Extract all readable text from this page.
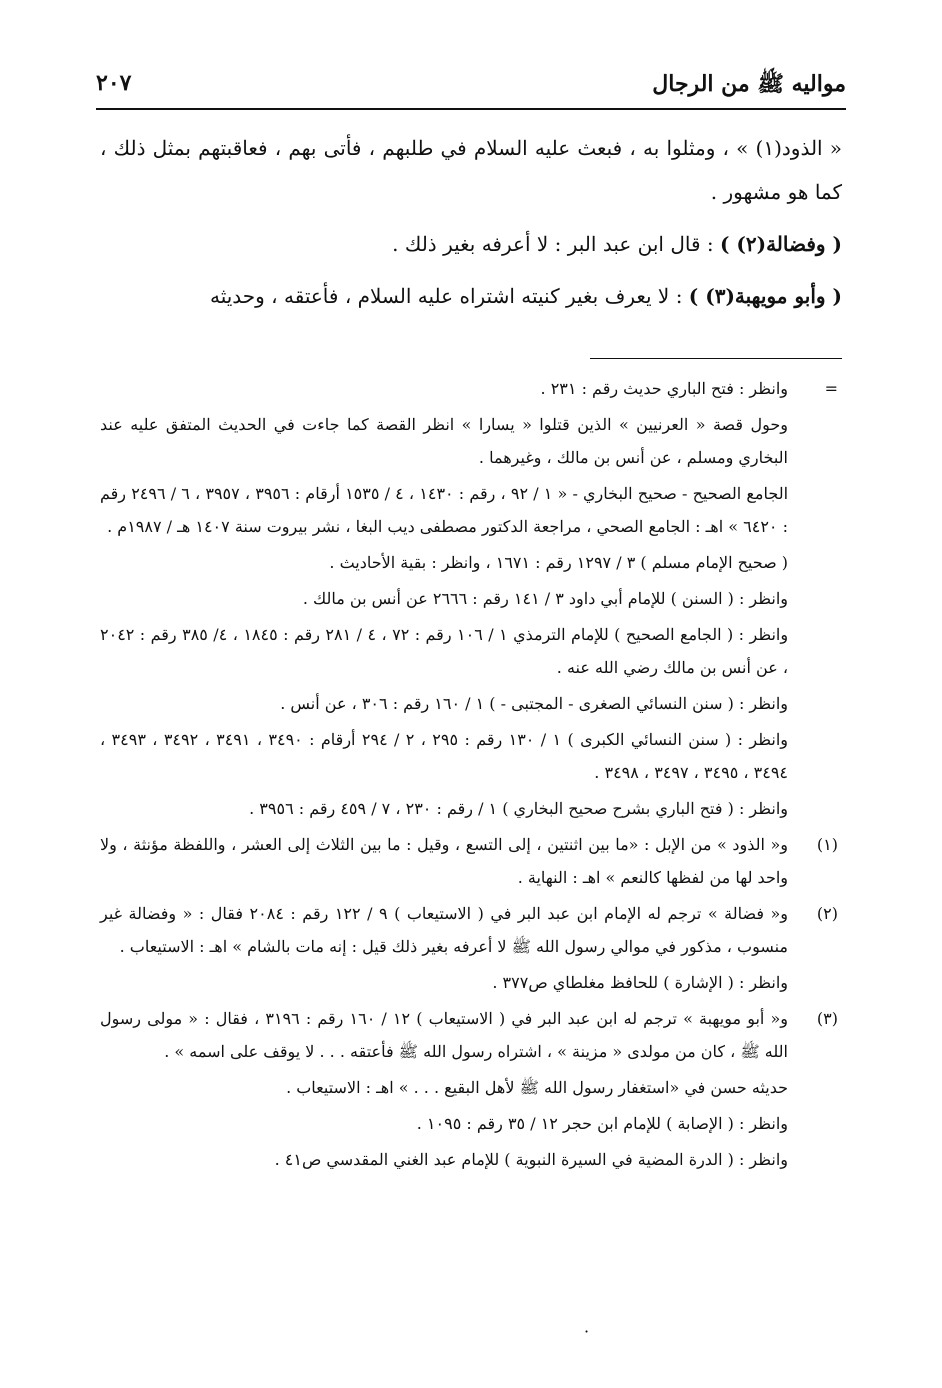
مواليه ﷺ من الرجال
٢٠٧

« الذود(١) » ، ومثلوا به ، فبعث عليه السلام في طلبهم ، فأتى بهم ، فعاقبتهم بمثل ذلك ، كما هو مشهور .

( وفضالة(٢) ) : قال ابن عبد البر : لا أعرفه بغير ذلك .

( وأبو مويهبة(٣) ) : لا يعرف بغير كنيته اشتراه عليه السلام ، فأعتقه ، وحديثه

=

وانظر : فتح الباري حديث رقم : ٢٣١ .

وحول قصة « العرنيين » الذين قتلوا « يسارا » انظر القصة كما جاءت في الحديث المتفق عليه عند البخاري ومسلم ، عن أنس بن مالك ، وغيرهما .

الجامع الصحيح - صحيح البخاري - « ١ / ٩٢ ، رقم : ١٤٣٠ ، ٤ / ١٥٣٥ أرقام : ٣٩٥٦ ، ٣٩٥٧ ، ٦ / ٢٤٩٦ رقم : ٦٤٢٠ » اهـ : الجامع الصحي ، مراجعة الدكتور مصطفى ديب البغا ، نشر بيروت سنة ١٤٠٧ هـ / ١٩٨٧م .

( صحيح الإمام مسلم ) ٣ / ١٢٩٧ رقم : ١٦٧١ ، وانظر : بقية الأحاديث .

وانظر : ( السنن ) للإمام أبي داود ٣ / ١٤١ رقم : ٢٦٦٦ عن أنس بن مالك .

وانظر : ( الجامع الصحيح ) للإمام الترمذي ١ / ١٠٦ رقم : ٧٢ ، ٤ / ٢٨١ رقم : ١٨٤٥ ، ٤/ ٣٨٥ رقم : ٢٠٤٢ ، عن أنس بن مالك رضي الله عنه .

وانظر : ( سنن النسائي الصغرى - المجتبى - ) ١ / ١٦٠ رقم : ٣٠٦ ، عن أنس .

وانظر : ( سنن النسائي الكبرى ) ١ / ١٣٠ رقم : ٢٩٥ ، ٢ / ٢٩٤ أرقام : ٣٤٩٠ ، ٣٤٩١ ، ٣٤٩٢ ، ٣٤٩٣ ، ٣٤٩٤ ، ٣٤٩٥ ، ٣٤٩٧ ، ٣٤٩٨ .

وانظر : ( فتح الباري بشرح صحيح البخاري ) ١ / رقم : ٢٣٠ ، ٧ / ٤٥٩ رقم : ٣٩٥٦ .

(١)

و« الذود » من الإبل : «ما بين اثنتين ، إلى التسع ، وقيل : ما بين الثلاث إلى العشر ، واللفظة مؤنثة ، ولا واحد لها من لفظها كالنعم » اهـ : النهاية .

(٢)

و« فضالة » ترجم له الإمام ابن عبد البر في ( الاستيعاب ) ٩ / ١٢٢ رقم : ٢٠٨٤ فقال : « وفضالة غير منسوب ، مذكور في موالي رسول الله ﷺ لا أعرفه بغير ذلك قيل : إنه مات بالشام » اهـ : الاستيعاب .

وانظر : ( الإشارة ) للحافظ مغلطاي ص٣٧٧ .

(٣)

و« أبو مويهبة » ترجم له ابن عبد البر في ( الاستيعاب ) ١٢ / ١٦٠ رقم : ٣١٩٦ ، فقال : « مولى رسول الله ﷺ ، كان من مولدى « مزينة » ، اشتراه رسول الله ﷺ فأعتقه . . . لا يوقف على اسمه » .

حديثه حسن في «استغفار رسول الله ﷺ لأهل البقيع . . . » اهـ : الاستيعاب .

وانظر : ( الإصابة ) للإمام ابن حجر ١٢ / ٣٥ رقم : ١٠٩٥ .

وانظر : ( الدرة المضية في السيرة النبوية ) للإمام عبد الغني المقدسي ص٤١ .

·
